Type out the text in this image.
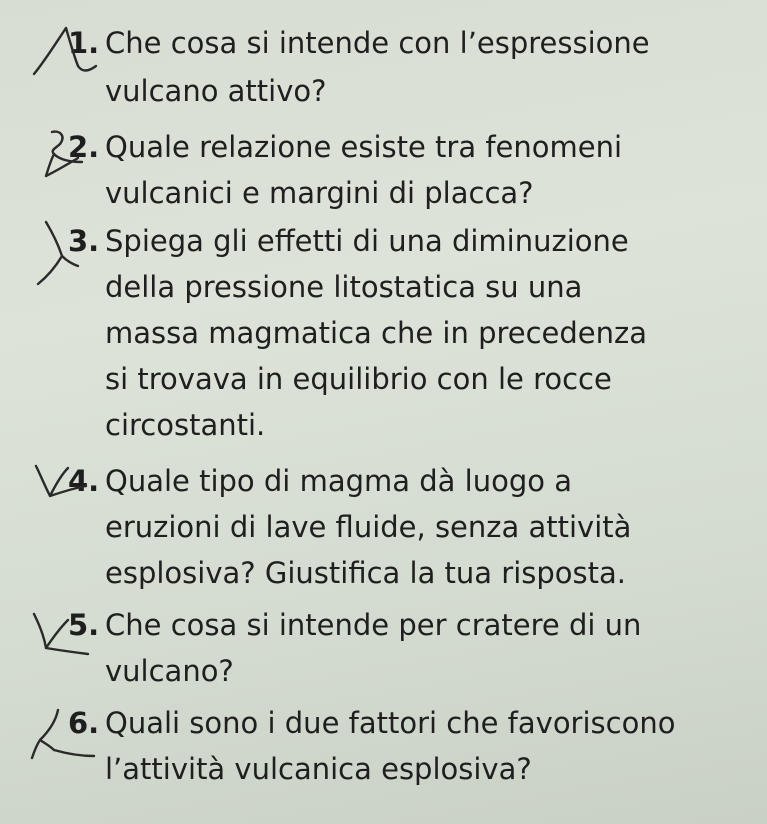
1. Che cosa si intende con l’espressione
vulcano attivo?
2. Quale relazione esiste tra fenomeni
vulcanici e margini di placca?
3. Spiega gli effetti di una diminuzione
della pressione litostatica su una
massa magmatica che in precedenza
si trovava in equilibrio con le rocce
circostanti.
4. Quale tipo di magma dà luogo a
eruzioni di lave fluide, senza attività
esplosiva? Giustifica la tua risposta.
5. Che cosa si intende per cratere di un
vulcano?
6. Quali sono i due fattori che favoriscono
l’attività vulcanica esplosiva?
